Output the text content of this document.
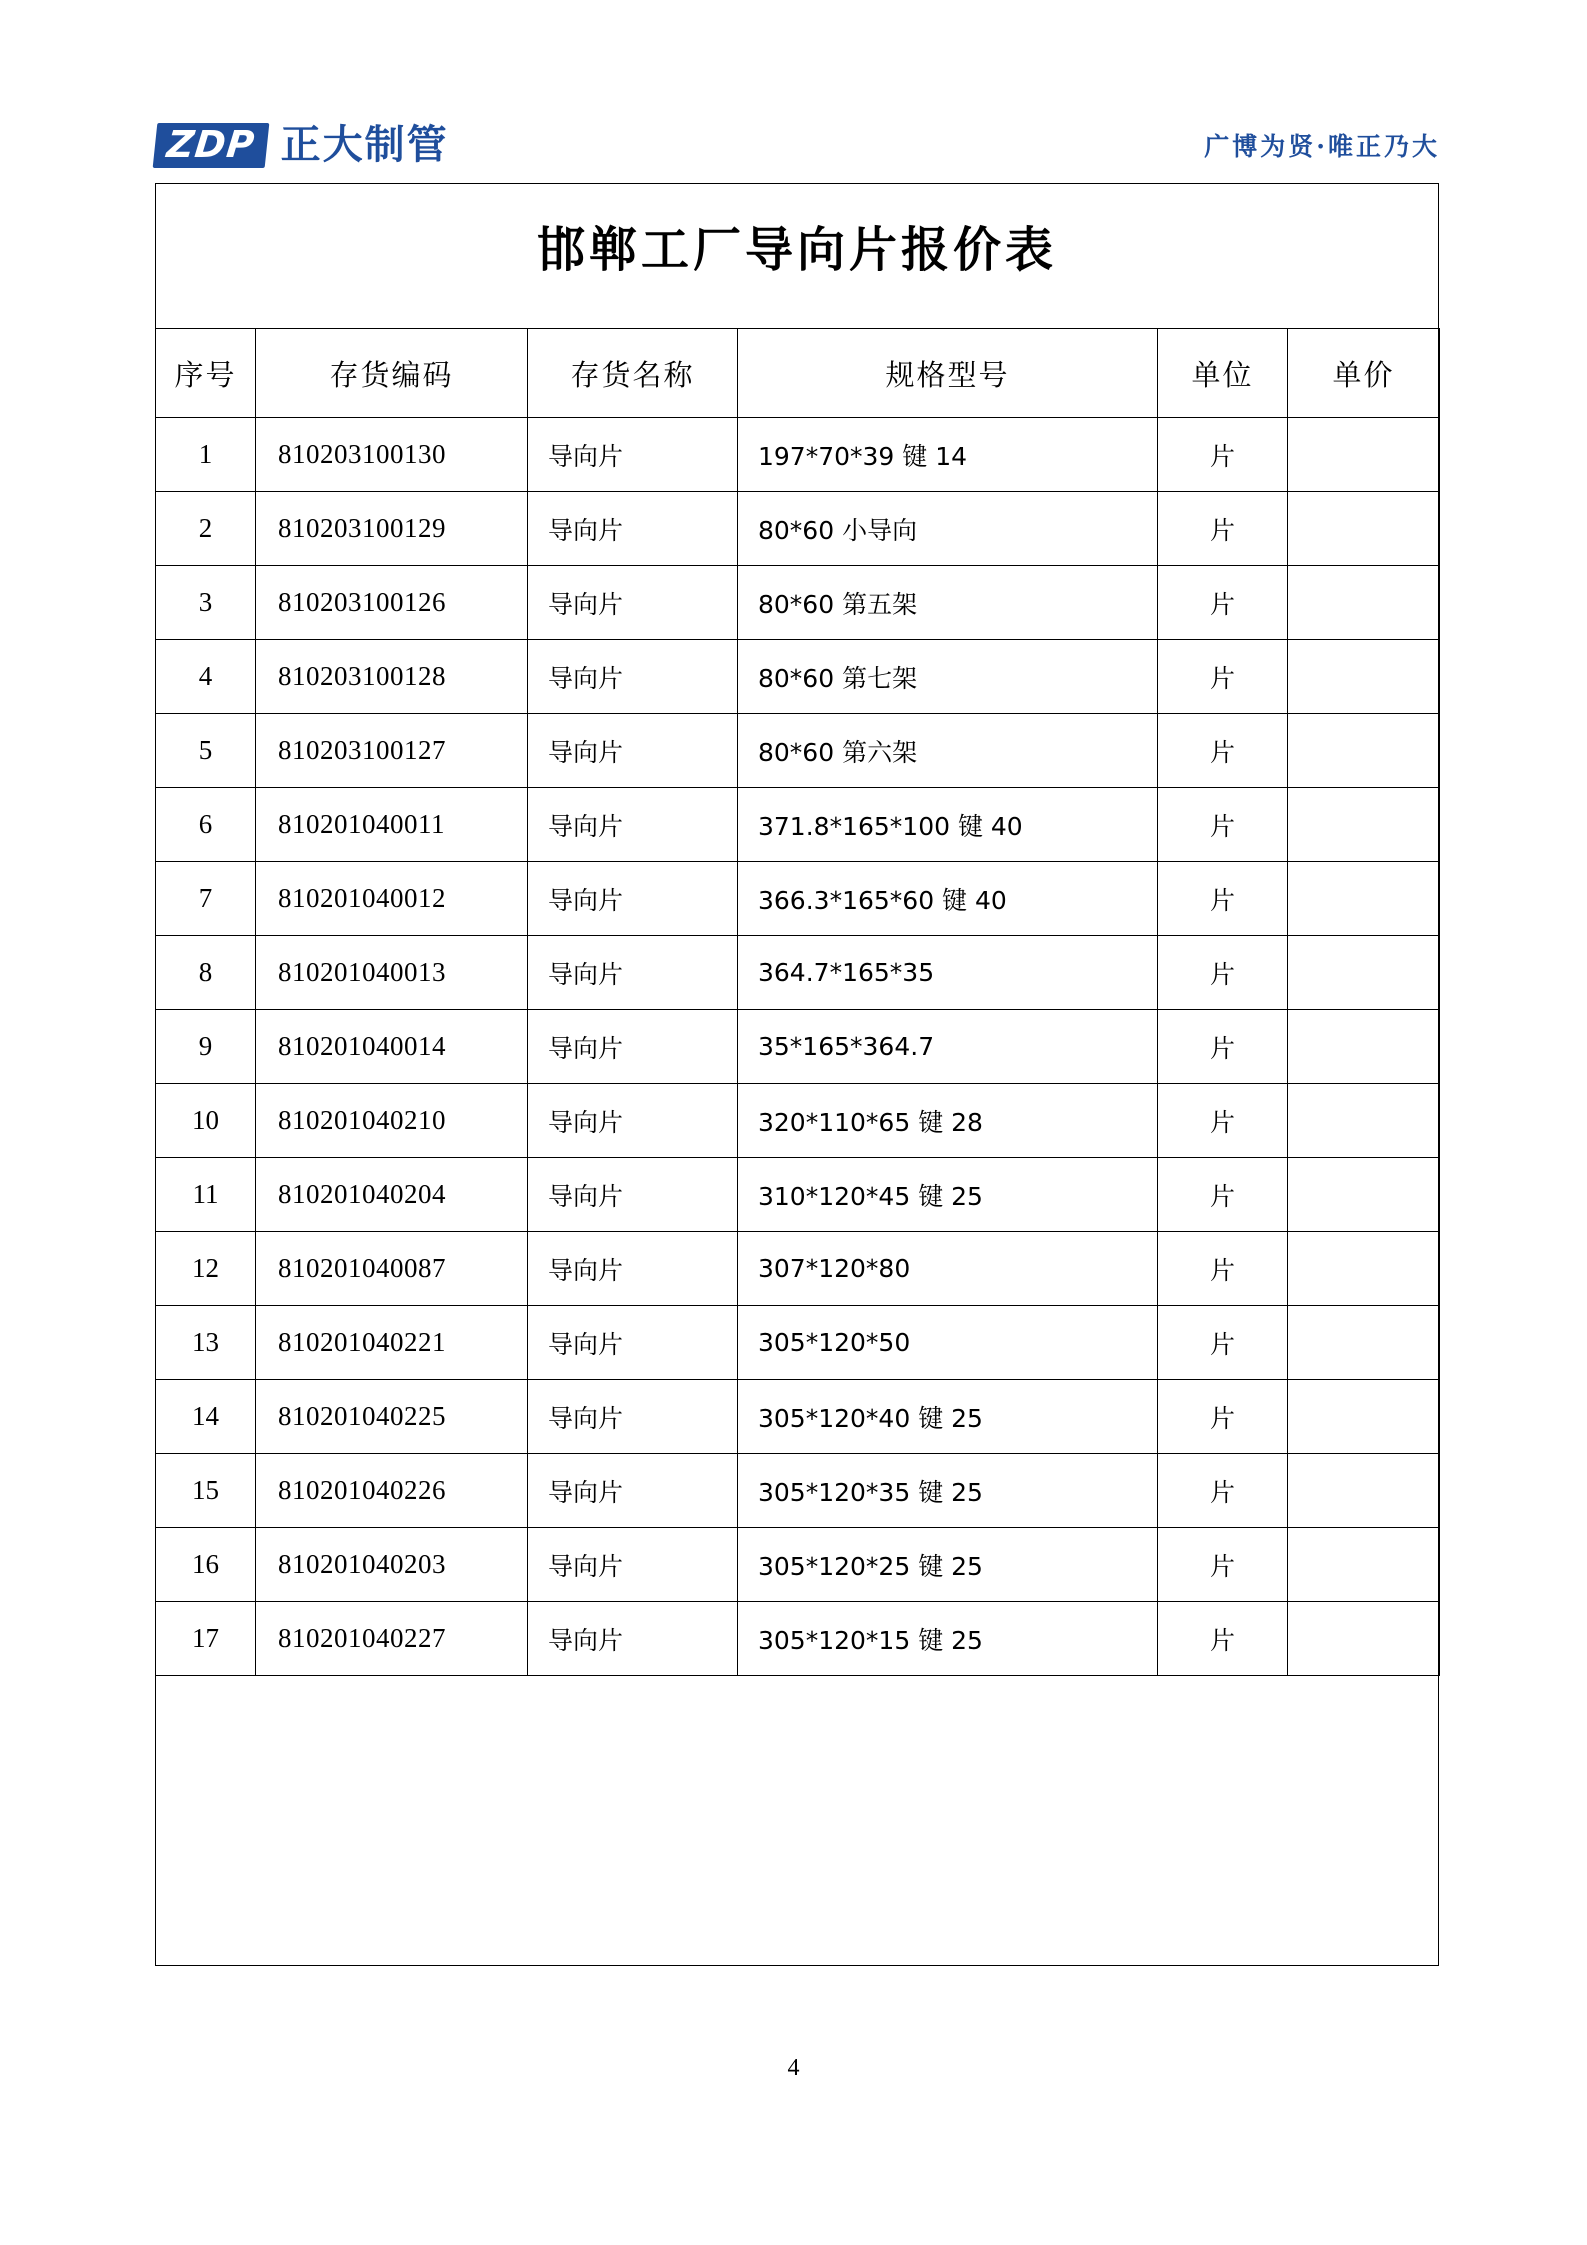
ZDP 正大制管	广博为贤·唯正乃大
邯郸工厂导向片报价表
序号	存货编码	存货名称	规格型号	单位	单价
1	810203100130	导向片	197*70*39 键 14	片	
2	810203100129	导向片	80*60 小导向	片	
3	810203100126	导向片	80*60 第五架	片	
4	810203100128	导向片	80*60 第七架	片	
5	810203100127	导向片	80*60 第六架	片	
6	810201040011	导向片	371.8*165*100 键 40	片	
7	810201040012	导向片	366.3*165*60 键 40	片	
8	810201040013	导向片	364.7*165*35	片	
9	810201040014	导向片	35*165*364.7	片	
10	810201040210	导向片	320*110*65 键 28	片	
11	810201040204	导向片	310*120*45 键 25	片	
12	810201040087	导向片	307*120*80	片	
13	810201040221	导向片	305*120*50	片	
14	810201040225	导向片	305*120*40 键 25	片	
15	810201040226	导向片	305*120*35 键 25	片	
16	810201040203	导向片	305*120*25 键 25	片	
17	810201040227	导向片	305*120*15 键 25	片	
4
